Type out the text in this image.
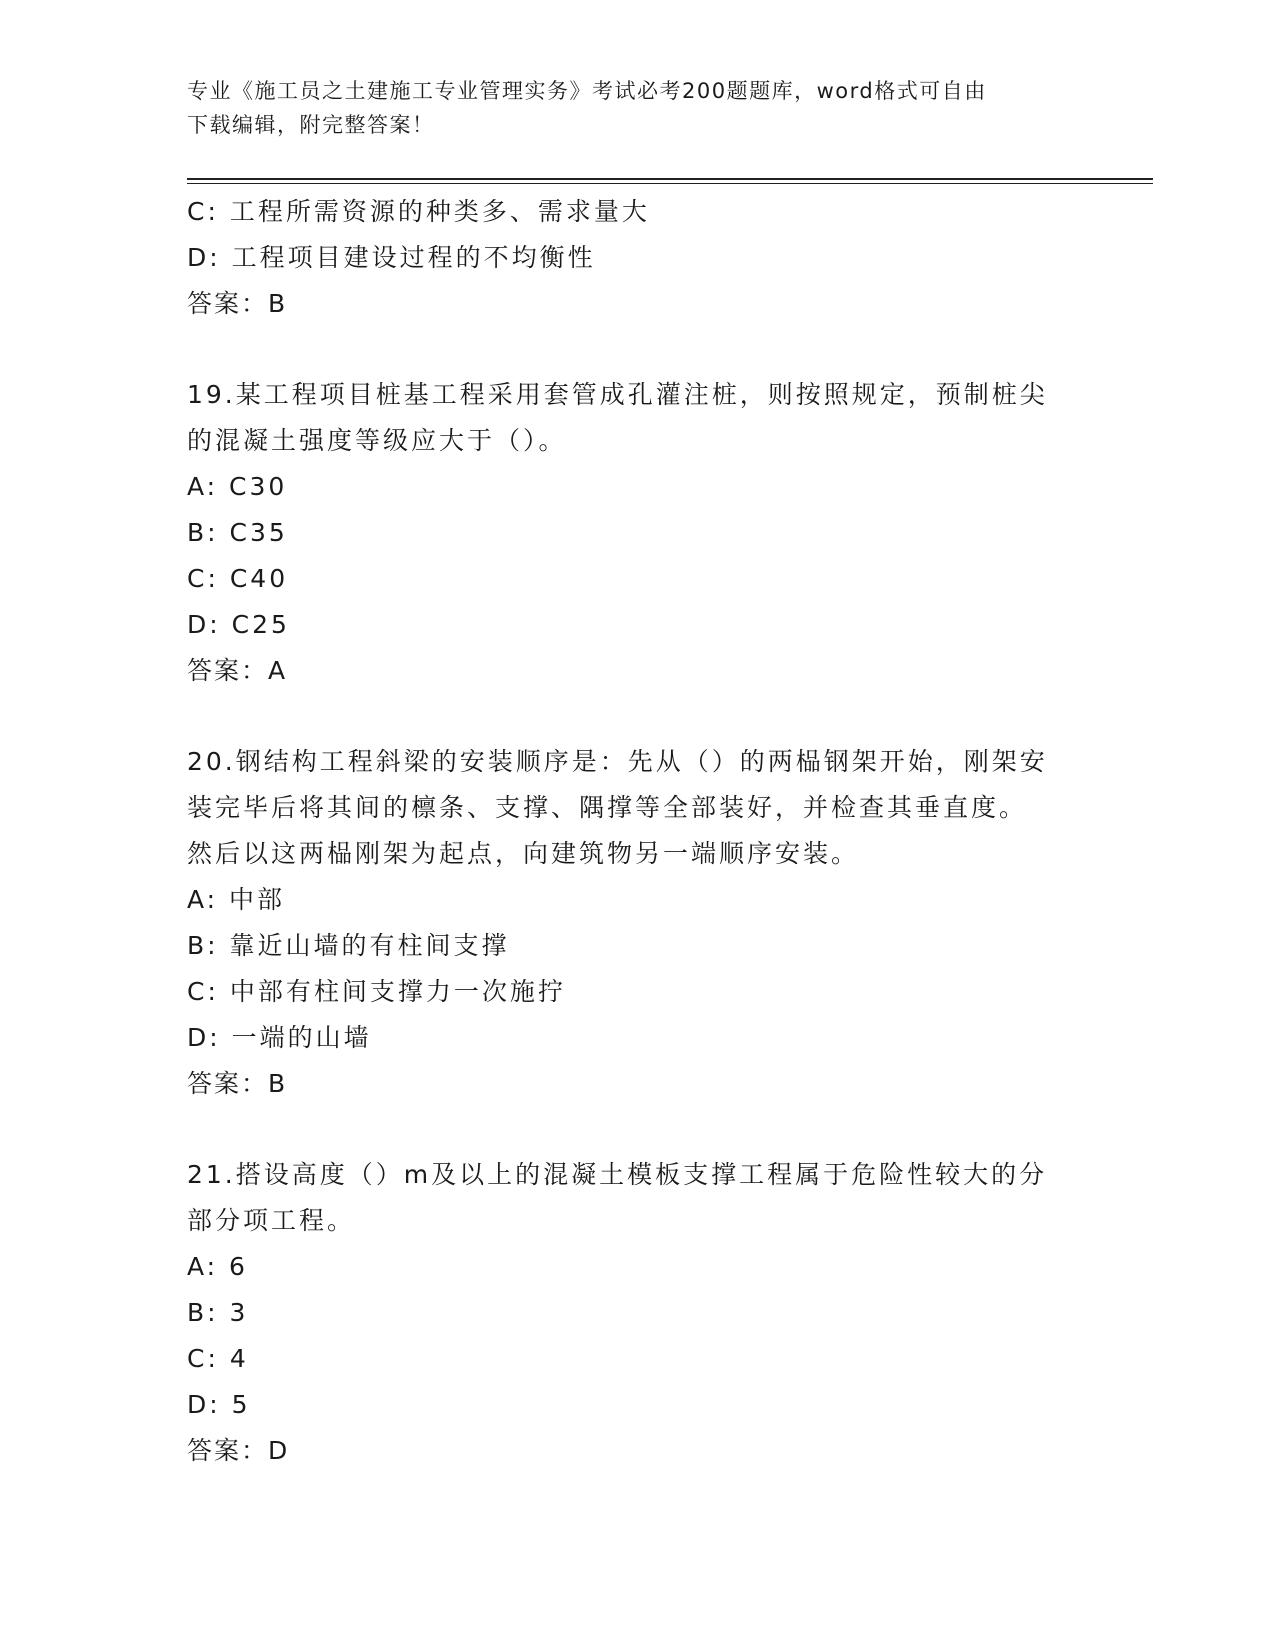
专业《施工员之土建施工专业管理实务》考试必考200题题库，word格式可自由

下载编辑，附完整答案！

C: 工程所需资源的种类多、需求量大
D: 工程项目建设过程的不均衡性
答案：B
19.某工程项目桩基工程采用套管成孔灌注桩，则按照规定，预制桩尖
的混凝土强度等级应大于（）。
A: C30
B: C35
C: C40
D: C25
答案：A
20.钢结构工程斜梁的安装顺序是：先从（）的两榀钢架开始，刚架安
装完毕后将其间的檩条、支撑、隅撑等全部装好，并检查其垂直度。
然后以这两榀刚架为起点，向建筑物另一端顺序安装。
A: 中部
B: 靠近山墙的有柱间支撑
C: 中部有柱间支撑力一次施拧
D: 一端的山墙
答案：B
21.搭设高度（）m及以上的混凝土模板支撑工程属于危险性较大的分
部分项工程。
A: 6
B: 3
C: 4
D: 5
答案：D
